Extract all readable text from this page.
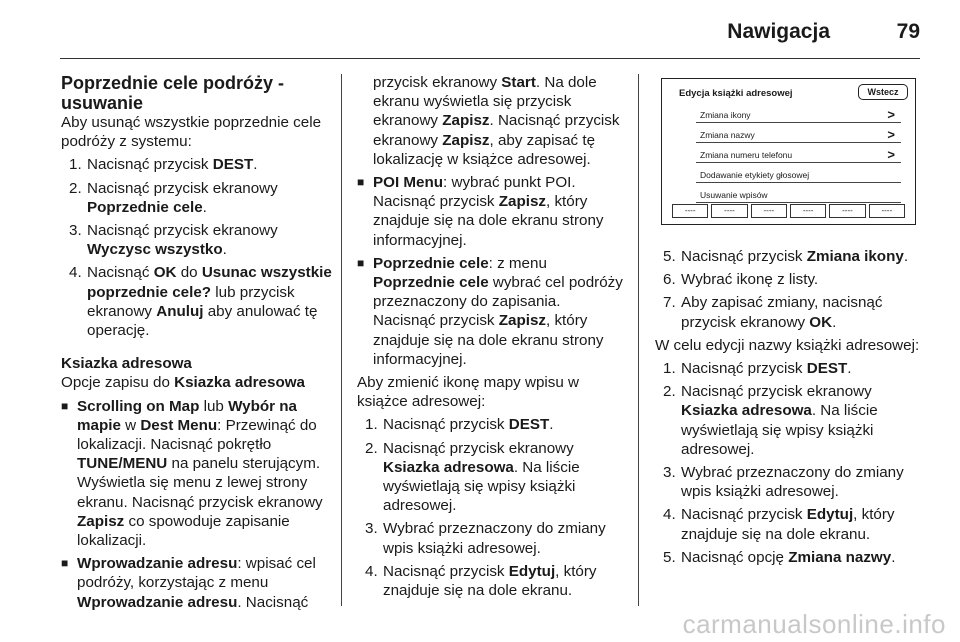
Nawigacja	79
Poprzednie cele podróży - usuwanie

Aby usunąć wszystkie poprzednie cele podróży z systemu:

1. Nacisnąć przycisk DEST.
2. Nacisnąć przycisk ekranowy Poprzednie cele.
3. Nacisnąć przycisk ekranowy Wyczysc wszystko.
4. Nacisnąć OK do Usunac wszystkie poprzednie cele? lub przycisk ekranowy Anuluj aby anulować tę operację.
Ksiazka adresowa

Opcje zapisu do Ksiazka adresowa

■ Scrolling on Map lub Wybór na mapie w Dest Menu: Przewinąć do lokalizacji. Nacisnąć pokrętło TUNE/MENU na panelu sterującym. Wyświetla się menu z lewej strony ekranu. Nacisnąć przycisk ekranowy Zapisz co spowoduje zapisanie lokalizacji.
■ Wprowadzanie adresu: wpisać cel podróży, korzystając z menu Wprowadzanie adresu. Nacisnąć

przycisk ekranowy Start. Na dole ekranu wyświetla się przycisk ekranowy Zapisz. Nacisnąć przycisk ekranowy Zapisz, aby zapisać tę lokalizację w książce adresowej.

■ POI Menu: wybrać punkt POI. Nacisnąć przycisk Zapisz, który znajduje się na dole ekranu strony informacyjnej.
■ Poprzednie cele: z menu Poprzednie cele wybrać cel podróży przeznaczony do zapisania. Nacisnąć przycisk Zapisz, który znajduje się na dole ekranu strony informacyjnej.

Aby zmienić ikonę mapy wpisu w książce adresowej:

1. Nacisnąć przycisk DEST.
2. Nacisnąć przycisk ekranowy Ksiazka adresowa. Na liście wyświetlają się wpisy książki adresowej.
3. Wybrać przeznaczony do zmiany wpis książki adresowej.
4. Nacisnąć przycisk Edytuj, który znajduje się na dole ekranu.
Edycja książki adresowej	Wstecz
Zmiana ikony	>
Zmiana nazwy	>
Zmiana numeru telefonu	>
Dodawanie etykiety głosowej
Usuwanie wpisów
----	----	----	----	----	----
5. Nacisnąć przycisk Zmiana ikony.
6. Wybrać ikonę z listy.
7. Aby zapisać zmiany, nacisnąć przycisk ekranowy OK.

W celu edycji nazwy książki adresowej:

1. Nacisnąć przycisk DEST.
2. Nacisnąć przycisk ekranowy Ksiazka adresowa. Na liście wyświetlają się wpisy książki adresowej.
3. Wybrać przeznaczony do zmiany wpis książki adresowej.
4. Nacisnąć przycisk Edytuj, który znajduje się na dole ekranu.
5. Nacisnąć opcję Zmiana nazwy.
carmanualsonline.info
